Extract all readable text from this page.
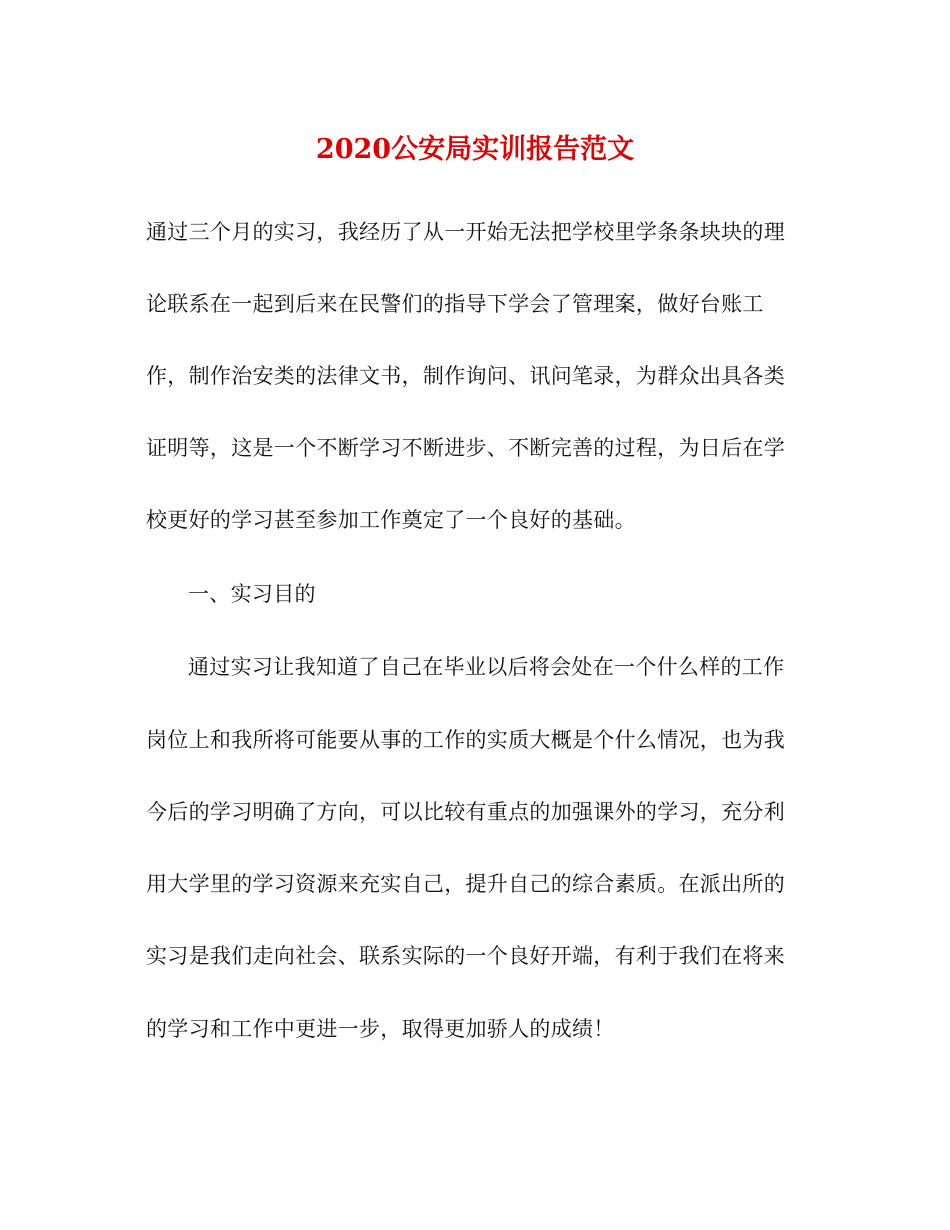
2020公安局实训报告范文
通过三个月的实习，我经历了从一开始无法把学校里学条条块块的理
论联系在一起到后来在民警们的指导下学会了管理案，做好台账工
作，制作治安类的法律文书，制作询问、讯问笔录，为群众出具各类
证明等，这是一个不断学习不断进步、不断完善的过程，为日后在学
校更好的学习甚至参加工作奠定了一个良好的基础。
一、实习目的
通过实习让我知道了自己在毕业以后将会处在一个什么样的工作
岗位上和我所将可能要从事的工作的实质大概是个什么情况，也为我
今后的学习明确了方向，可以比较有重点的加强课外的学习，充分利
用大学里的学习资源来充实自己，提升自己的综合素质。在派出所的
实习是我们走向社会、联系实际的一个良好开端，有利于我们在将来
的学习和工作中更进一步，取得更加骄人的成绩！
